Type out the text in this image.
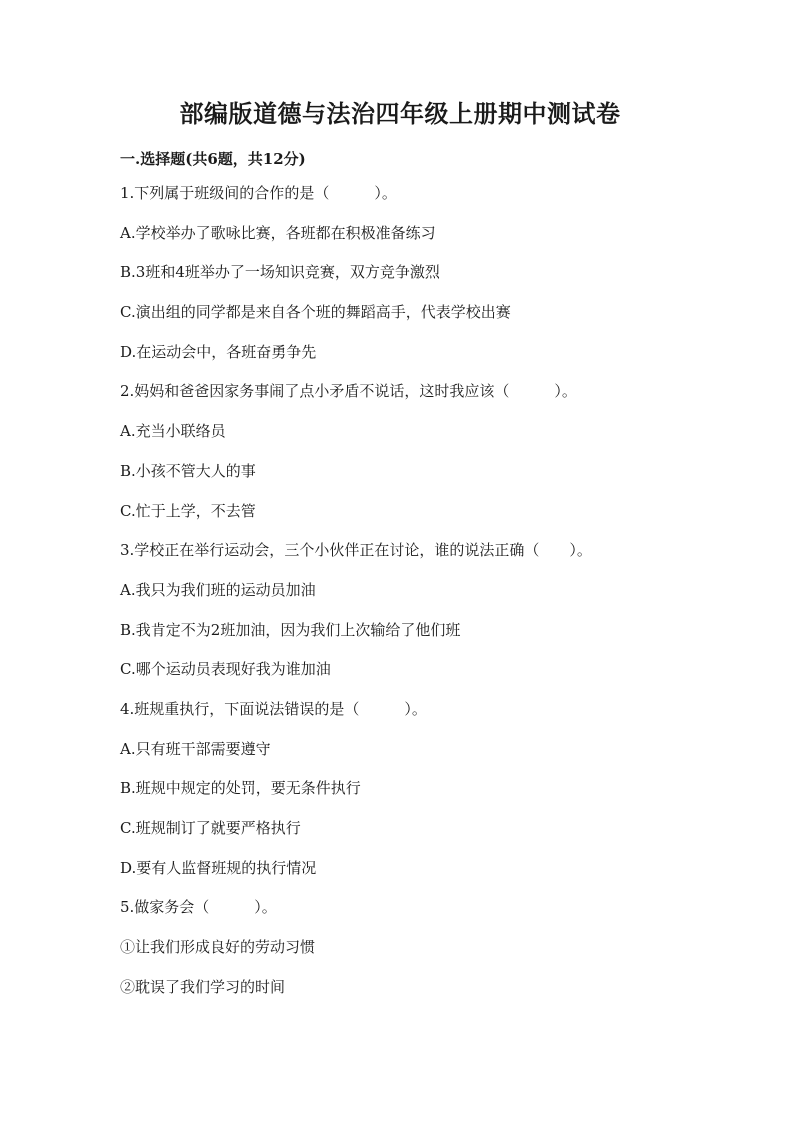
部编版道德与法治四年级上册期中测试卷
一.选择题(共6题，共12分)
1.下列属于班级间的合作的是（　　　）。
A.学校举办了歌咏比赛，各班都在积极准备练习
B.3班和4班举办了一场知识竞赛，双方竞争激烈
C.演出组的同学都是来自各个班的舞蹈高手，代表学校出赛
D.在运动会中，各班奋勇争先
2.妈妈和爸爸因家务事闹了点小矛盾不说话，这时我应该（　　　）。
A.充当小联络员
B.小孩不管大人的事
C.忙于上学，不去管
3.学校正在举行运动会，三个小伙伴正在讨论，谁的说法正确（　　）。
A.我只为我们班的运动员加油
B.我肯定不为2班加油，因为我们上次输给了他们班
C.哪个运动员表现好我为谁加油
4.班规重执行，下面说法错误的是（　　　）。
A.只有班干部需要遵守
B.班规中规定的处罚，要无条件执行
C.班规制订了就要严格执行
D.要有人监督班规的执行情况
5.做家务会（　　　）。
①让我们形成良好的劳动习惯
②耽误了我们学习的时间
